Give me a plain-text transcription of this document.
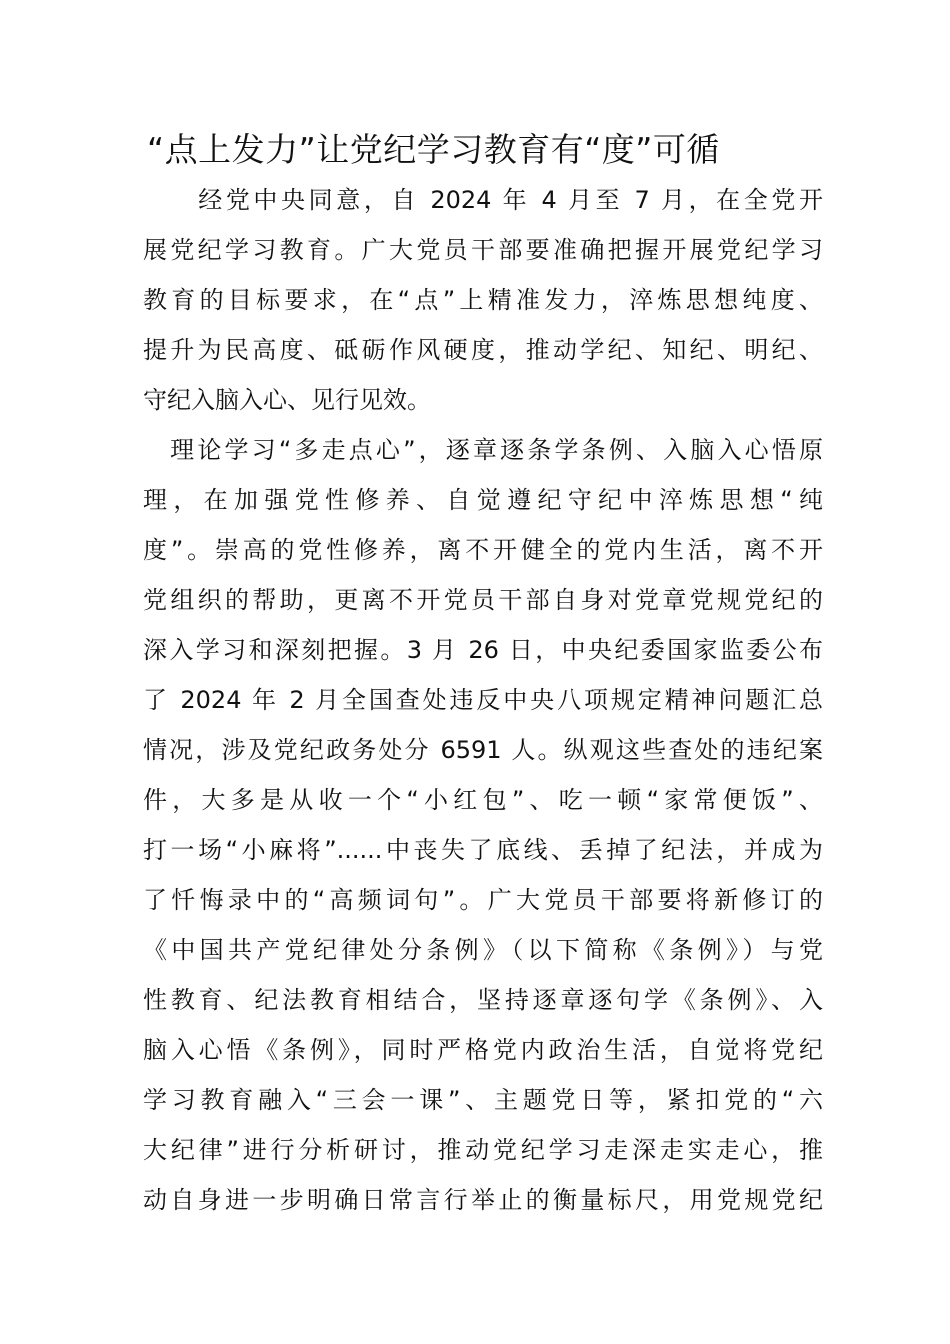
“点上发力”让党纪学习教育有“度”可循

　　经党中央同意，自 2024 年 4 月至 7 月，在全党开

展党纪学习教育。广大党员干部要准确把握开展党纪学习

教育的目标要求，在“点”上精准发力，淬炼思想纯度、

提升为民高度、砥砺作风硬度，推动学纪、知纪、明纪、

守纪入脑入心、见行见效。

　理论学习“多走点心”，逐章逐条学条例、入脑入心悟原

理，在加强党性修养、自觉遵纪守纪中淬炼思想“纯

度”。崇高的党性修养，离不开健全的党内生活，离不开

党组织的帮助，更离不开党员干部自身对党章党规党纪的

深入学习和深刻把握。3 月 26 日，中央纪委国家监委公布

了 2024 年 2 月全国查处违反中央八项规定精神问题汇总

情况，涉及党纪政务处分 6591 人。纵观这些查处的违纪案

件，大多是从收一个“小红包”、吃一顿“家常便饭”、

打一场“小麻将”......中丧失了底线、丢掉了纪法，并成为

了忏悔录中的“高频词句”。广大党员干部要将新修订的

《中国共产党纪律处分条例》（以下简称《条例》）与党

性教育、纪法教育相结合，坚持逐章逐句学《条例》、入

脑入心悟《条例》，同时严格党内政治生活，自觉将党纪

学习教育融入“三会一课”、主题党日等，紧扣党的“六

大纪律”进行分析研讨，推动党纪学习走深走实走心，推

动自身进一步明确日常言行举止的衡量标尺，用党规党纪
